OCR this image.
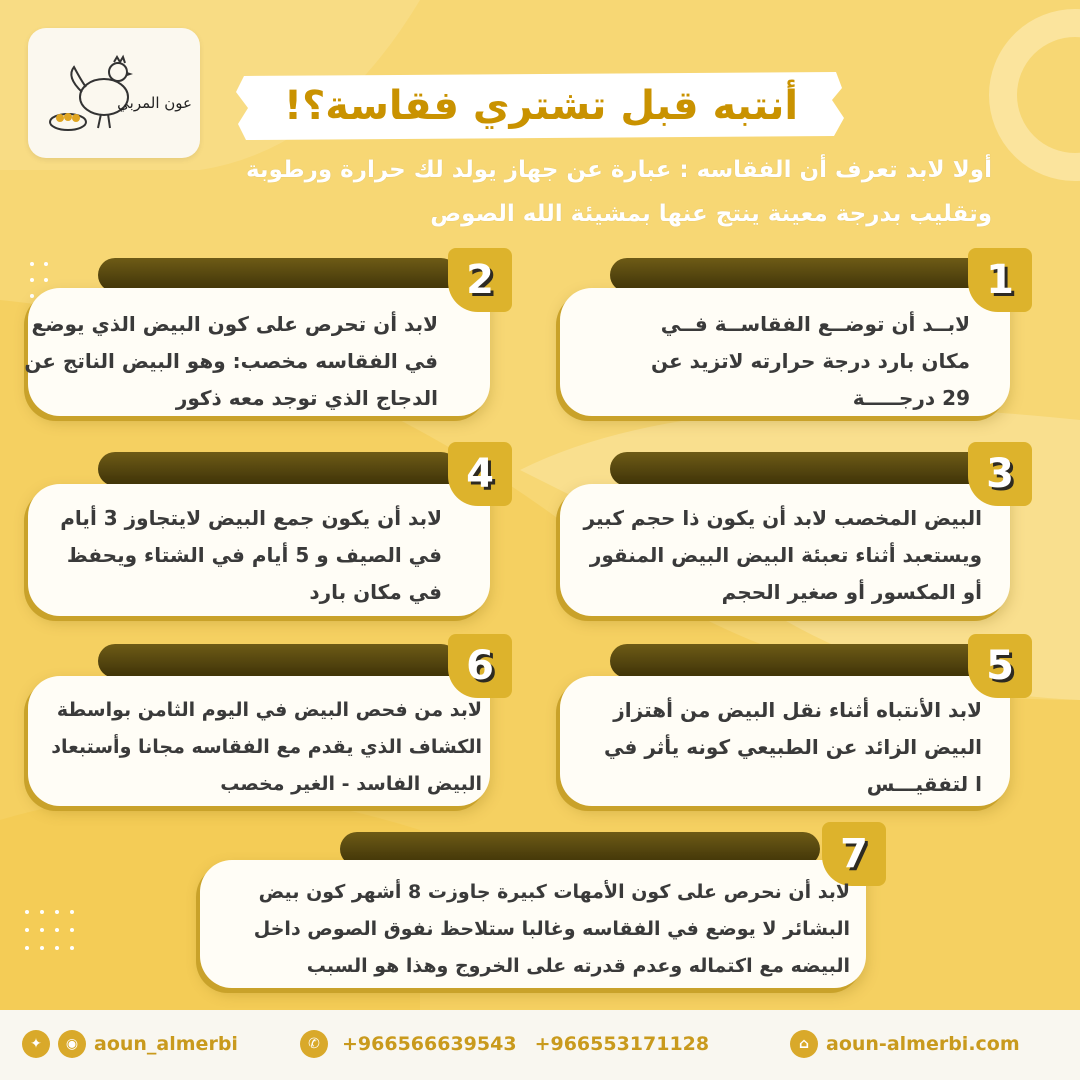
عون المربي	أنتبه قبل تشتري فقاسة؟!
أولا لابد تعرف أن الفقاسه : عبارة عن جهاز يولد لك حرارة ورطوبة
وتقليب بدرجة معينة ينتج عنها بمشيئة الله الصوص
1
لابــد أن توضــع الفقاســة فــي
مكان بارد درجة حرارته لاتزيد عن
29 درجـــــة
2
لابد أن تحرص على كون البيض الذي يوضع
في الفقاسه مخصب: وهو البيض الناتج عن
الدجاج الذي توجد معه ذكور
3
البيض المخصب لابد أن يكون ذا حجم كبير
ويستعبد أثناء تعبئة البيض البيض المنقور
أو المكسور أو صغير الحجم
4
لابد أن يكون جمع البيض لايتجاوز 3 أيام
في الصيف و 5 أيام في الشتاء ويحفظ
في مكان بارد
5
لابد الأنتباه أثناء نقل البيض من أهتزاز
البيض الزائد عن الطبيعي كونه يأثر في
ا لتفقيـــس
6
لابد من فحص البيض في اليوم الثامن بواسطة
الكشاف الذي يقدم مع الفقاسه مجانا وأستبعاد
البيض الفاسد - الغير مخصب
7
لابد أن نحرص على كون الأمهات كبيرة جاوزت 8 أشهر كون بيض
البشائر لا يوضع في الفقاسه وغالبا ستلاحظ نفوق الصوص داخل
البيضه مع اكتماله وعدم قدرته على الخروج وهذا هو السبب
✦	◉ aoun_almerbi	✆	+966566639543 +966553171128	⌂ aoun-almerbi.com
